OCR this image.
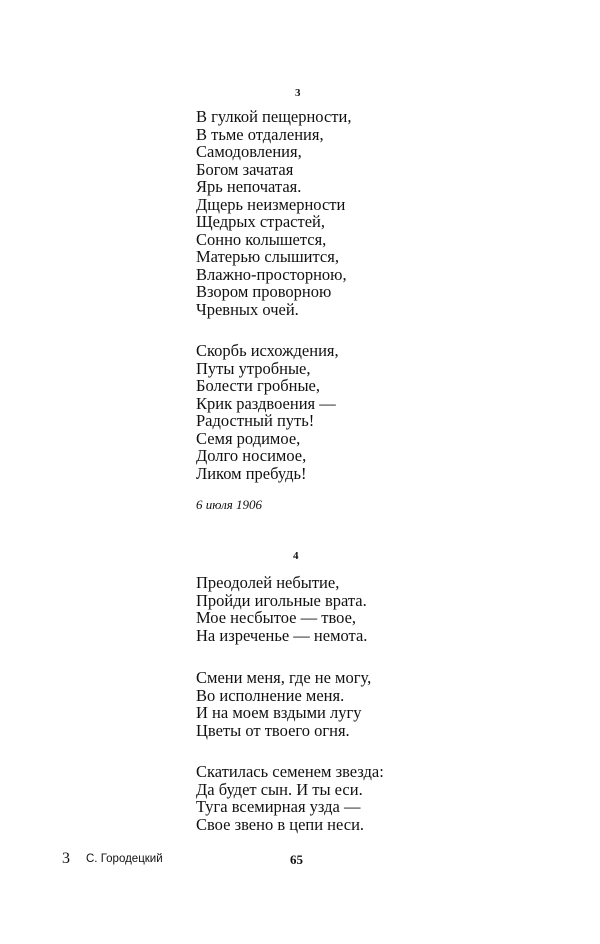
3
В гулкой пещерности,
В тьме отдаления,
Самодовления,
Богом зачатая
Ярь непочатая.
Дщерь неизмерности
Щедрых страстей,
Сонно колышется,
Матерью слышится,
Влажно-просторною,
Взором проворною
Чревных очей.
Скорбь исхождения,
Путы утробные,
Болести гробные,
Крик раздвоения —
Радостный путь!
Семя родимое,
Долго носимое,
Ликом пребудь!
6 июля 1906
4
Преодолей небытие,
Пройди игольные врата.
Мое несбытое — твое,
На изреченье — немота.
Смени меня, где не могу,
Во исполнение меня.
И на моем вздыми лугу
Цветы от твоего огня.
Скатилась семенем звезда:
Да будет сын. И ты еси.
Туга всемирная узда —
Свое звено в цепи неси.
3 С. Городецкий	65
